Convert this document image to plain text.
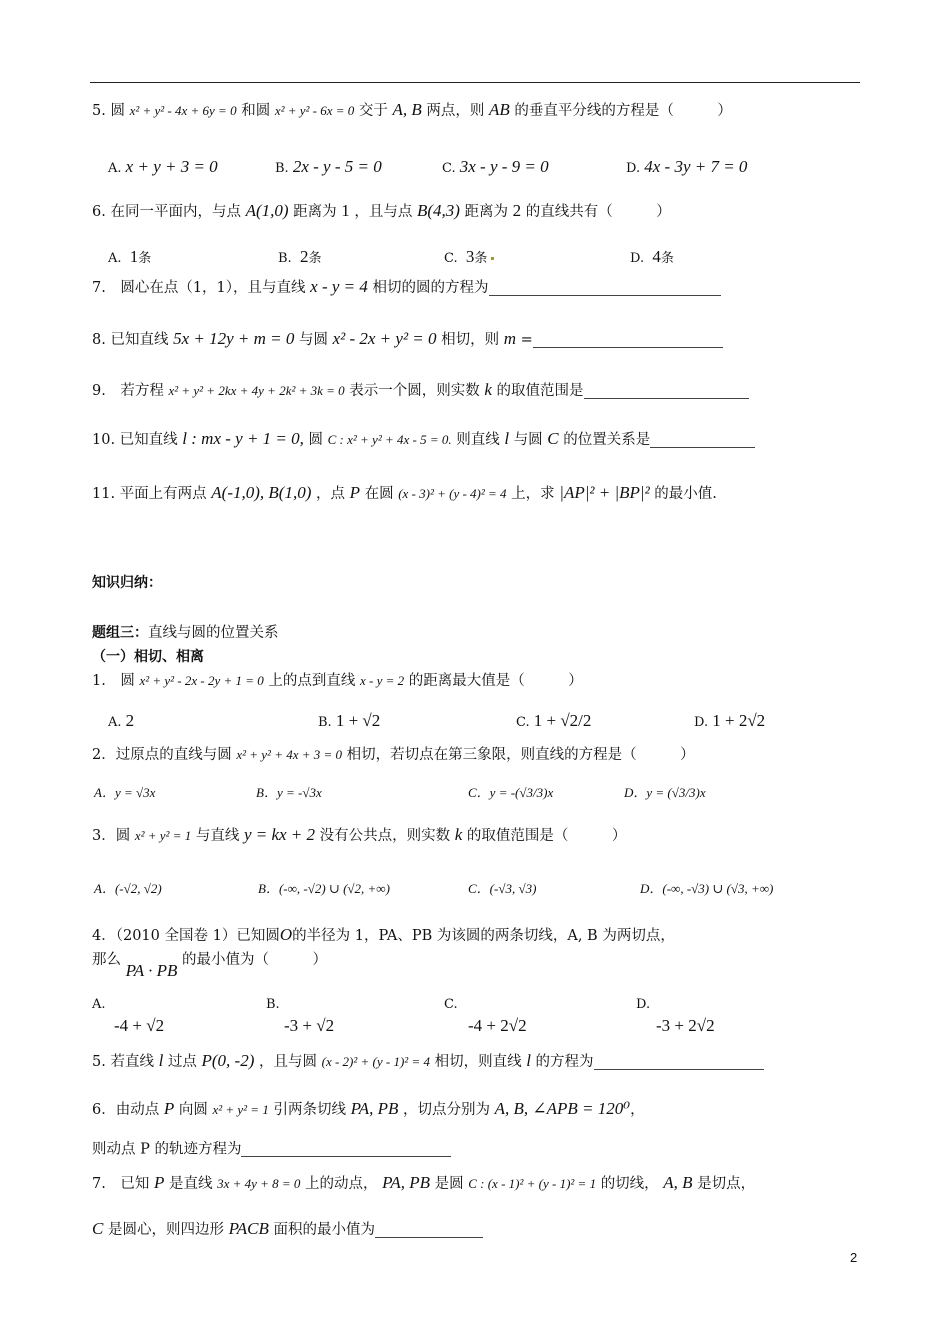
5. 圆 x² + y² - 4x + 6y = 0 和圆 x² + y² - 6x = 0 交于 A, B 两点，则 AB 的垂直平分线的方程是（　　　）
A. x + y + 3 = 0	B. 2x - y - 5 = 0	C. 3x - y - 9 = 0	D. 4x - 3y + 7 = 0
6. 在同一平面内，与点 A(1,0) 距离为 1 ，且与点 B(4,3) 距离为 2 的直线共有（　　　）
A. 1条	B. 2条	C. 3条	D. 4条
7.　圆心在点（1，1），且与直线 x - y = 4 相切的圆的方程为
8. 已知直线 5x + 12y + m = 0 与圆 x² - 2x + y² = 0 相切，则 m =
9.　若方程 x² + y² + 2kx + 4y + 2k² + 3k = 0 表示一个圆，则实数 k 的取值范围是
10. 已知直线 l : mx - y + 1 = 0, 圆 C : x² + y² + 4x - 5 = 0. 则直线 l 与圆 C 的位置关系是
11. 平面上有两点 A(-1,0), B(1,0) ，点 P 在圆 (x - 3)² + (y - 4)² = 4 上，求 |AP|² + |BP|² 的最小值.
知识归纳：
题组三：直线与圆的位置关系
（一）相切、相离
1.　圆 x² + y² - 2x - 2y + 1 = 0 上的点到直线 x - y = 2 的距离最大值是（　　　）
A. 2	B. 1 + √2	C. 1 + √2/2	D. 1 + 2√2
2．过原点的直线与圆 x² + y² + 4x + 3 = 0 相切，若切点在第三象限，则直线的方程是（　　　）
A．y = √3x	B．y = -√3x	C．y = -(√3/3)x	D．y = (√3/3)x
3．圆 x² + y² = 1 与直线 y = kx + 2 没有公共点，则实数 k 的取值范围是（　　　）
A．(-√2, √2)	B．(-∞, -√2) ∪ (√2, +∞)	C．(-√3, √3)	D．(-∞, -√3) ∪ (√3, +∞)
4．（2010 全国卷 1）已知圆O的半径为 1，PA、PB 为该圆的两条切线，A, B 为两切点，
那么 PA · PB 的最小值为（　　　）
A.
-4 + √2
B.
-3 + √2
C.
-4 + 2√2
D.
-3 + 2√2
5. 若直线 l 过点 P(0, -2) ，且与圆 (x - 2)² + (y - 1)² = 4 相切，则直线 l 的方程为
6．由动点 P 向圆 x² + y² = 1 引两条切线 PA, PB ，切点分别为 A, B, ∠APB = 120⁰，
则动点 P 的轨迹方程为
7.　已知 P 是直线 3x + 4y + 8 = 0 上的动点， PA, PB 是圆 C : (x - 1)² + (y - 1)² = 1 的切线， A, B 是切点，
C 是圆心，则四边形 PACB 面积的最小值为
2
